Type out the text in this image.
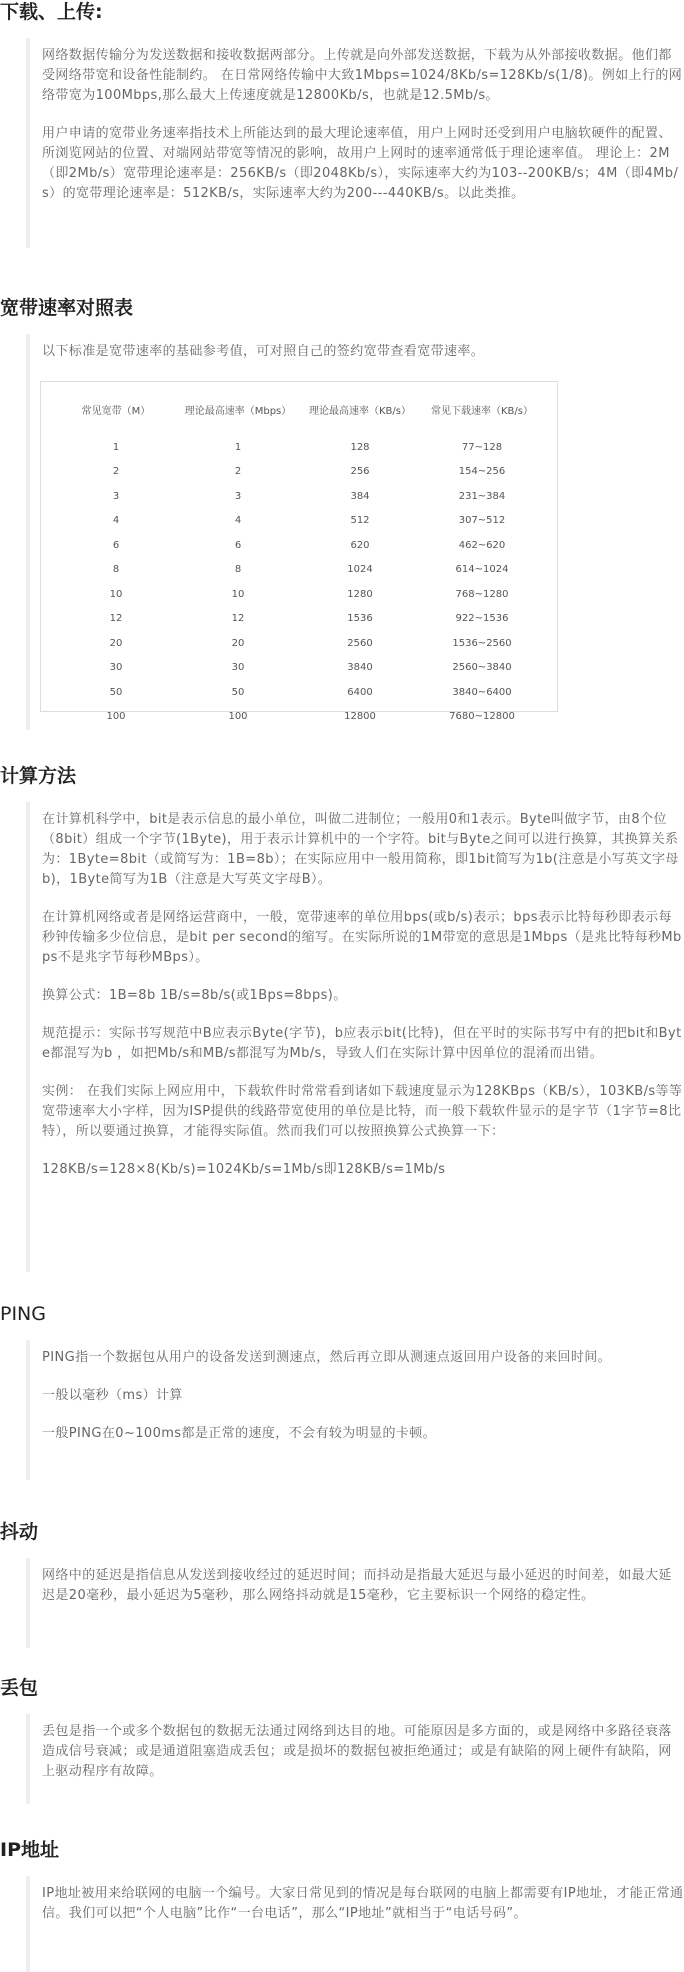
下载、上传:

网络数据传输分为发送数据和接收数据两部分。上传就是向外部发送数据，下载为从外部接收数据。他们都受网络带宽和设备性能制约。 在日常网络传输中大致1Mbps=1024/8Kb/s=128Kb/s(1/8)。例如上行的网络带宽为100Mbps,那么最大上传速度就是12800Kb/s，也就是12.5Mb/s。

用户申请的宽带业务速率指技术上所能达到的最大理论速率值，用户上网时还受到用户电脑软硬件的配置、所浏览网站的位置、对端网站带宽等情况的影响，故用户上网时的速率通常低于理论速率值。 理论上：2M（即2Mb/s）宽带理论速率是：256KB/s（即2048Kb/s），实际速率大约为103--200KB/s；4M（即4Mb/s）的宽带理论速率是：512KB/s，实际速率大约为200---440KB/s。以此类推。

宽带速率对照表

以下标准是宽带速率的基础参考值，可对照自己的签约宽带查看宽带速率。

常见宽带（M）	理论最高速率（Mbps）	理论最高速率（KB/s）	常见下载速率（KB/s）
1	1	128	77~128
2	2	256	154~256
3	3	384	231~384
4	4	512	307~512
6	6	620	462~620
8	8	1024	614~1024
10	10	1280	768~1280
12	12	1536	922~1536
20	20	2560	1536~2560
30	30	3840	2560~3840
50	50	6400	3840~6400
100	100	12800	7680~12800
计算方法

在计算机科学中，bit是表示信息的最小单位，叫做二进制位；一般用0和1表示。Byte叫做字节，由8个位（8bit）组成一个字节(1Byte)，用于表示计算机中的一个字符。bit与Byte之间可以进行换算，其换算关系为：1Byte=8bit（或简写为：1B=8b）；在实际应用中一般用简称，即1bit简写为1b(注意是小写英文字母b)，1Byte简写为1B（注意是大写英文字母B）。

在计算机网络或者是网络运营商中，一般，宽带速率的单位用bps(或b/s)表示；bps表示比特每秒即表示每秒钟传输多少位信息，是bit per second的缩写。在实际所说的1M带宽的意思是1Mbps（是兆比特每秒Mbps不是兆字节每秒MBps）。

换算公式：1B=8b 1B/s=8b/s(或1Bps=8bps)。

规范提示：实际书写规范中B应表示Byte(字节)，b应表示bit(比特)，但在平时的实际书写中有的把bit和Byte都混写为b ，如把Mb/s和MB/s都混写为Mb/s，导致人们在实际计算中因单位的混淆而出错。

实例： 在我们实际上网应用中，下载软件时常常看到诸如下载速度显示为128KBps（KB/s），103KB/s等等宽带速率大小字样，因为ISP提供的线路带宽使用的单位是比特，而一般下载软件显示的是字节（1字节=8比特），所以要通过换算，才能得实际值。然而我们可以按照换算公式换算一下：

128KB/s=128×8(Kb/s)=1024Kb/s=1Mb/s即128KB/s=1Mb/s

PING

PING指一个数据包从用户的设备发送到测速点，然后再立即从测速点返回用户设备的来回时间。

一般以毫秒（ms）计算

一般PING在0~100ms都是正常的速度，不会有较为明显的卡顿。

抖动

网络中的延迟是指信息从发送到接收经过的延迟时间；而抖动是指最大延迟与最小延迟的时间差，如最大延迟是20毫秒，最小延迟为5毫秒，那么网络抖动就是15毫秒，它主要标识一个网络的稳定性。

丢包

丢包是指一个或多个数据包的数据无法通过网络到达目的地。可能原因是多方面的，或是网络中多路径衰落造成信号衰减；或是通道阻塞造成丢包；或是损坏的数据包被拒绝通过；或是有缺陷的网上硬件有缺陷，网上驱动程序有故障。

IP地址

IP地址被用来给联网的电脑一个编号。大家日常见到的情况是每台联网的电脑上都需要有IP地址，才能正常通信。我们可以把“个人电脑”比作“一台电话”，那么“IP地址”就相当于“电话号码”。
